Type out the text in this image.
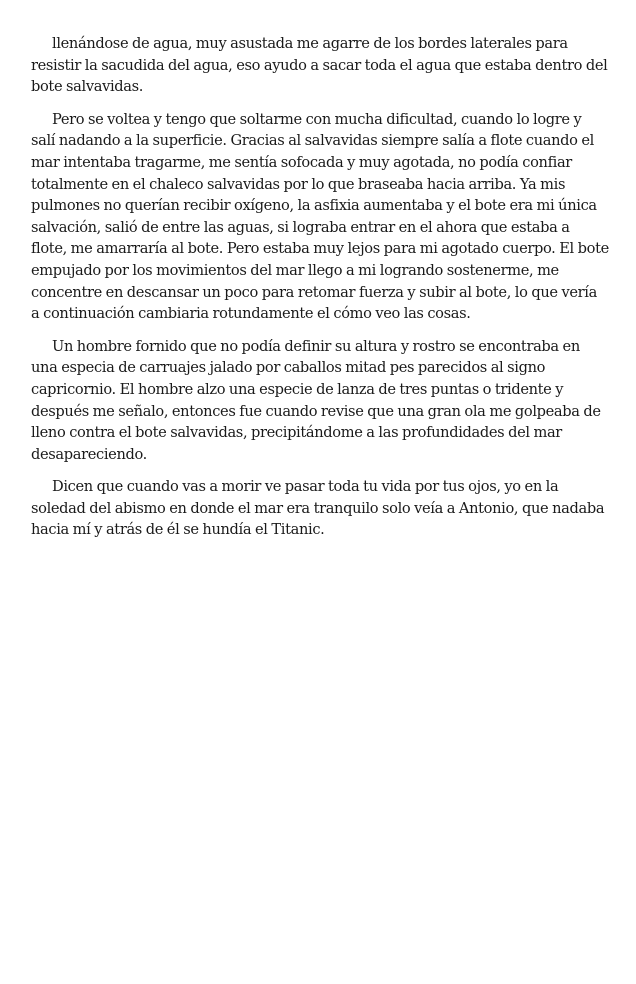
llenándose de agua, muy asustada me agarre de los bordes laterales para resistir la sacudida del agua, eso ayudo a sacar toda el agua que estaba dentro del bote salvavidas.

Pero se voltea y tengo que soltarme con mucha dificultad, cuando lo logre y salí nadando a la superficie. Gracias al salvavidas siempre salía a flote cuando el mar intentaba tragarme, me sentía sofocada y muy agotada, no podía confiar totalmente en el chaleco salvavidas por lo que braseaba hacia arriba. Ya mis pulmones no querían recibir oxígeno, la asfixia aumentaba y el bote era mi única salvación, salió de entre las aguas, si lograba entrar en el ahora que estaba a flote, me amarraría al bote. Pero estaba muy lejos para mi agotado cuerpo. El bote empujado por los movimientos del mar llego a mi logrando sostenerme, me concentre en descansar un poco para retomar fuerza y subir al bote, lo que vería a continuación cambiaria rotundamente el cómo veo las cosas.

Un hombre fornido que no podía definir su altura y rostro se encontraba en una especia de carruajes jalado por caballos mitad pes parecidos al signo capricornio. El hombre alzo una especie de lanza de tres puntas o tridente y después me señalo, entonces fue cuando revise que una gran ola me golpeaba de lleno contra el bote salvavidas, precipitándome a las profundidades del mar desapareciendo.

Dicen que cuando vas a morir ve pasar toda tu vida por tus ojos, yo en la soledad del abismo en donde el mar era tranquilo solo veía a Antonio, que nadaba hacia mí y atrás de él se hundía el Titanic.
